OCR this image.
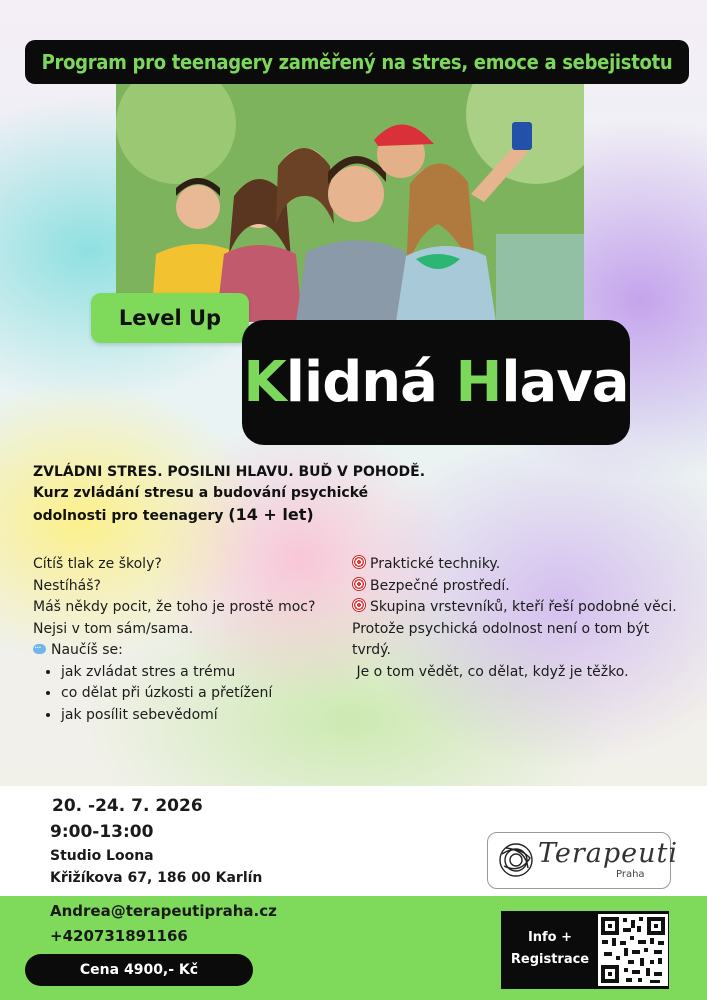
Program pro teenagery zaměřený na stres, emoce a sebejistotu
Level Up
Klidná Hlava
ZVLÁDNI STRES. POSILNI HLAVU. BUĎ V POHODĚ.
Kurz zvládání stresu a budování psychické
odolnosti pro teenagery (14 + let)

Cítíš tlak ze školy?

Nestíháš?

Máš někdy pocit, že toho je prostě moc?

Nejsi v tom sám/sama.

···Naučíš se:

• jak zvládat stres a trému
• co dělat při úzkosti a přetížení
• jak posílit sebevědomí

Praktické techniky.

Bezpečné prostředí.

Skupina vrstevníků, kteří řeší podobné věci.

Protože psychická odolnost není o tom být tvrdý.

Je o tom vědět, co dělat, když je těžko.

20. -24. 7. 2026
9:00-13:00
Studio Loona
Křižíkova 67, 186 00 Karlín
Terapeuti
Praha
Andrea@terapeutipraha.cz
+420731891166
Cena 4900,- Kč
Info +
Registrace
